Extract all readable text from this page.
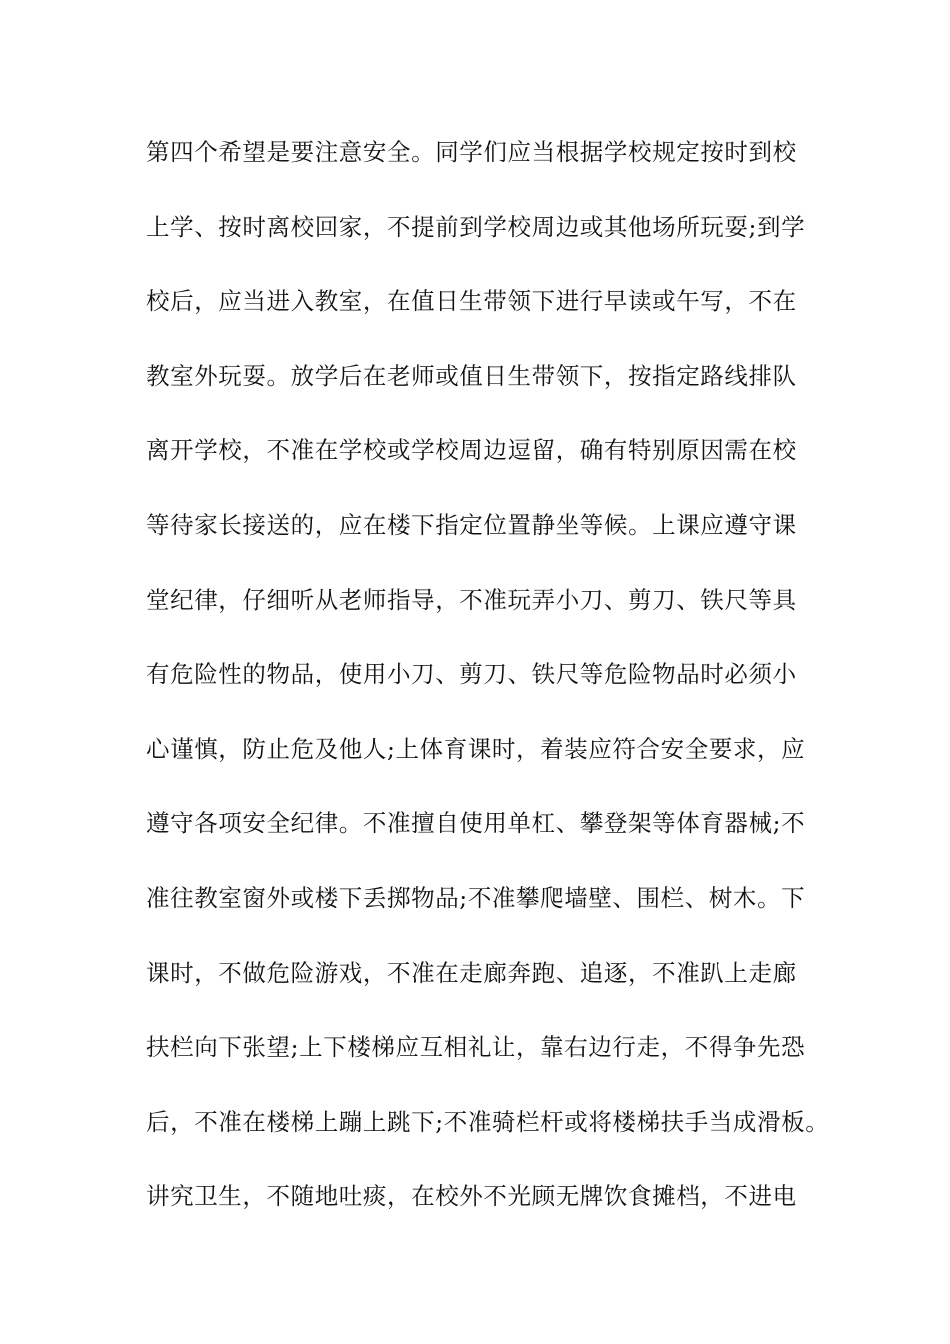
第四个希望是要注意安全。同学们应当根据学校规定按时到校
上学、按时离校回家，不提前到学校周边或其他场所玩耍;到学
校后，应当进入教室，在值日生带领下进行早读或午写，不在
教室外玩耍。放学后在老师或值日生带领下，按指定路线排队
离开学校，不准在学校或学校周边逗留，确有特别原因需在校
等待家长接送的，应在楼下指定位置静坐等候。上课应遵守课
堂纪律，仔细听从老师指导，不准玩弄小刀、剪刀、铁尺等具
有危险性的物品，使用小刀、剪刀、铁尺等危险物品时必须小
心谨慎，防止危及他人;上体育课时，着装应符合安全要求，应
遵守各项安全纪律。不准擅自使用单杠、攀登架等体育器械;不
准往教室窗外或楼下丢掷物品;不准攀爬墙壁、围栏、树木。下
课时，不做危险游戏，不准在走廊奔跑、追逐，不准趴上走廊
扶栏向下张望;上下楼梯应互相礼让，靠右边行走，不得争先恐
后，不准在楼梯上蹦上跳下;不准骑栏杆或将楼梯扶手当成滑板。
讲究卫生，不随地吐痰，在校外不光顾无牌饮食摊档，不进电
